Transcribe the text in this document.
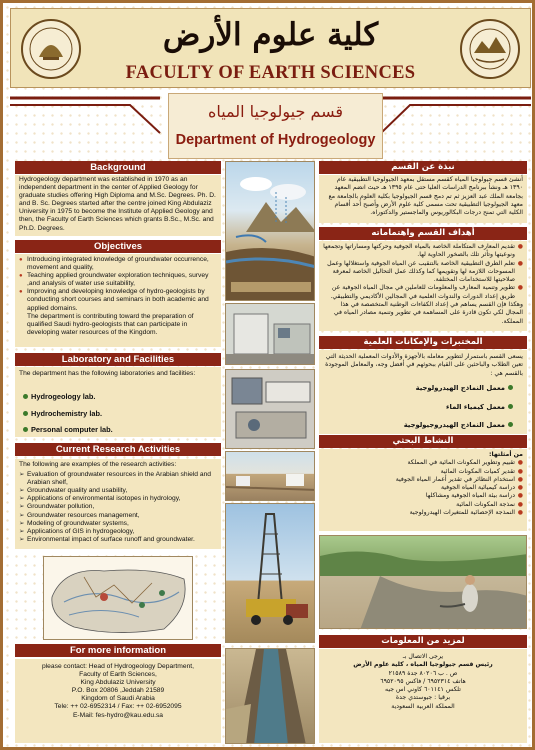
كلية علوم الأرض
FACULTY OF EARTH SCIENCES
قسم جيولوجيا المياه
Department of Hydrogeology
Background
Hydrogeology department was established in 1970 as an independent department in the center of Applied Geology for graduate studies offering High Diploma and M.Sc. Degrees. Ph. D. and B. Sc. Degrees started after the centre joined King Abdulaziz University in 1975 to become the Institute of Applied Geology and then, the Faculty of Earth Sciences which grants B.Sc., M.Sc. and Ph.D. Degrees.
Objectives
● Introducing integrated knowledge of groundwater occurrence, movement and quality,
● Teaching applied groundwater exploration techniques, survey ,and analysis of water use suitability,
● Improving and developing knowledge of hydro-geologists by conducting short courses and seminars in both academic and applied domains.
The department is contributing toward the preparation of qualified Saudi hydro-geologists that can participate in developing water resources of the Kingdom.
Laboratory and Facilities
The department has the following laboratories and facilities:
Hydrogeology lab.
Hydrochemistry lab.
Personal computer lab.
Current Research Activities
The following are examples of the research activities:
➢ Evaluation of groundwater resources in the Arabian shield and Arabian shelf,
➢ Groundwater quality and usability,
➢ Applications of environmental isotopes in hydrology,
➢ Groundwater pollution,
➢ Groundwater resources management,
➢ Modeling of groundwater systems,
➢ Applications of GIS in hydrogeology,
➢ Environmental impact of surface runoff and groundwater.
For more information
please contact: Head of Hydrogeology Department,
Faculty of Earth Sciences,
King Abdulaziz University
P.O. Box 20806 ,Jeddah 21589
Kingdom of Saudi Arabia
Tele: ++ 02-6952314 / Fax: ++ 02-6952095
E-Mail: fes-hydro@kau.edu.sa
نبذة عن القسم
أنشئ قسم جيولوجيا المياه كقسم مستقل بمعهد الجيولوجيا التطبيقية عام ١٣٩٠ هـ ونشأ ببرنامج الدراسات العليا حتى عام ١٣٩٥ هـ حيث انضم المعهد بجامعة الملك عبد العزيز ثم تم دمج قسم الجيولوجيا بكلية العلوم بالجامعة مع معهد الجيولوجيا التطبيقية تحت مسمى كلية علوم الأرض وأصبح أحد أقسام الكلية التي تمنح درجات البكالوريوس والماجستير والدكتوراه.
أهداف القسم واهتماماته
● تقديم المعارف المتكاملة الخاصة بالمياه الجوفية وحركتها ومساراتها وتجمعها ونوعيتها وتأثر تلك بالصخور الحاوية لها.
● تعلم الطرق التطبيقية الخاصة بالتنقيب عن المياه الجوفية واستغلالها وعمل المسوحات اللازمة لها وتقويمها كما وكذلك عمل التحاليل الخاصة لمعرفة صلاحيتها للاستخدامات المختلفة.
● تطوير وتنمية المعارف والمعلومات للعاملين في مجال المياه الجوفية عن طريق إعداد الدورات والندوات العلمية في المجالين الأكاديمي والتطبيقي.
وهكذا فإن القسم يساهم في إعداد الكفاءات الوطنية المتخصصة في هذا المجال لكي تكون قادرة على المساهمة في تطوير وتنمية مصادر المياه في المملكة.
المختبرات والإمكانات العلمية
يسعى القسم باستمرار لتطوير معامله بالأجهزة والأدوات المعملية الحديثة التي تعين الطلاب والباحثين على القيام ببحوثهم في أفضل وجه، والمعامل الموجودة بالقسم هي :
معمل النماذج الهيدرولوجية
معمل كيمياء الماء
معمل النماذج الهيدروجيولوجية
النشاط البحثي
من أمثلتها:
● تقييم وتطوير المكونات المائية في المملكة
● تقدير كميات المكونات المائية
● استخدام النظائر في تقدير أعمار المياه الجوفية
● دراسة كيميائية المياه الجوفية
● دراسة بيئة المياه الجوفية ومشاكلها
● نمذجة المكونات المائية
● النمذجة الإحصائية للمتغيرات الهيدرولوجية
لمزيد من المعلومات
يرجى الاتصال بـ
رئيس قسم جيولوجيا المياه ، كلية علوم الأرض
ص . ب ٨٠٢٠٦ جدة ٢١٥٨٩
هاتف ٦٩٥٢٣١٤ / فاكس ٦٩٥٢٠٩٥
تلكس ٦٠١١٤١ كاوني اس جيه
برقيا : جيوستدي جدة
المملكة العربية السعودية
